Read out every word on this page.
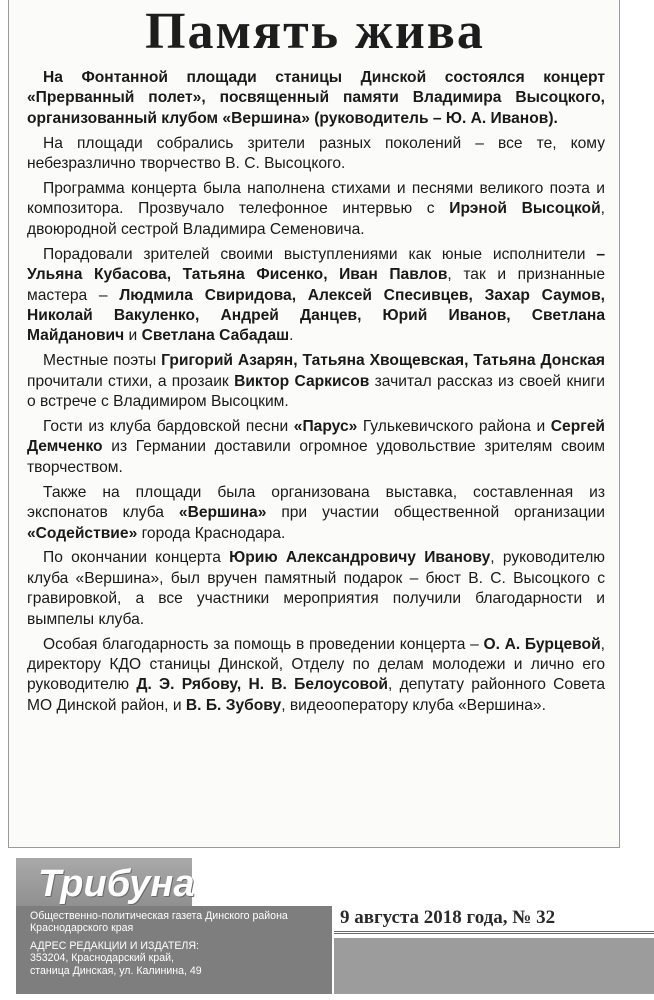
Память жива

На Фонтанной площади станицы Динской состоялся концерт «Прерванный полет», посвященный памяти Владимира Высоцкого, организованный клубом «Вершина» (руководитель – Ю. А. Иванов).

На площади собрались зрители разных поколений – все те, кому небезразлично творчество В. С. Высоцкого.

Программа концерта была наполнена стихами и песнями великого поэта и композитора. Прозвучало телефонное интервью с Ирэной Высоцкой, двоюродной сестрой Владимира Семеновича.

Порадовали зрителей своими выступлениями как юные исполнители – Ульяна Кубасова, Татьяна Фисенко, Иван Павлов, так и признанные мастера – Людмила Свиридова, Алексей Спесивцев, Захар Саумов, Николай Вакуленко, Андрей Данцев, Юрий Иванов, Светлана Майданович и Светлана Сабадаш.

Местные поэты Григорий Азарян, Татьяна Хвощевская, Татьяна Донская прочитали стихи, а прозаик Виктор Саркисов зачитал рассказ из своей книги о встрече с Владимиром Высоцким.

Гости из клуба бардовской песни «Парус» Гулькевичского района и Сергей Демченко из Германии доставили огромное удовольствие зрителям своим творчеством.

Также на площади была организована выставка, составленная из экспонатов клуба «Вершина» при участии общественной организации «Содействие» города Краснодара.

По окончании концерта Юрию Александровичу Иванову, руководителю клуба «Вершина», был вручен памятный подарок – бюст В. С. Высоцкого с гравировкой, а все участники мероприятия получили благодарности и вымпелы клуба.

Особая благодарность за помощь в проведении концерта – О. А. Бурцевой, директору КДО станицы Динской, Отделу по делам молодежи и лично его руководителю Д. Э. Рябову, Н. В. Белоусовой, депутату районного Совета МО Динской район, и В. Б. Зубову, видеооператору клуба «Вершина».

Трибуна
Общественно-политическая газета Динского района Краснодарского края
АДРЕС РЕДАКЦИИ И ИЗДАТЕЛЯ:
353204, Краснодарский край,
станица Динская, ул. Калинина, 49
9 августа 2018 года, № 32
